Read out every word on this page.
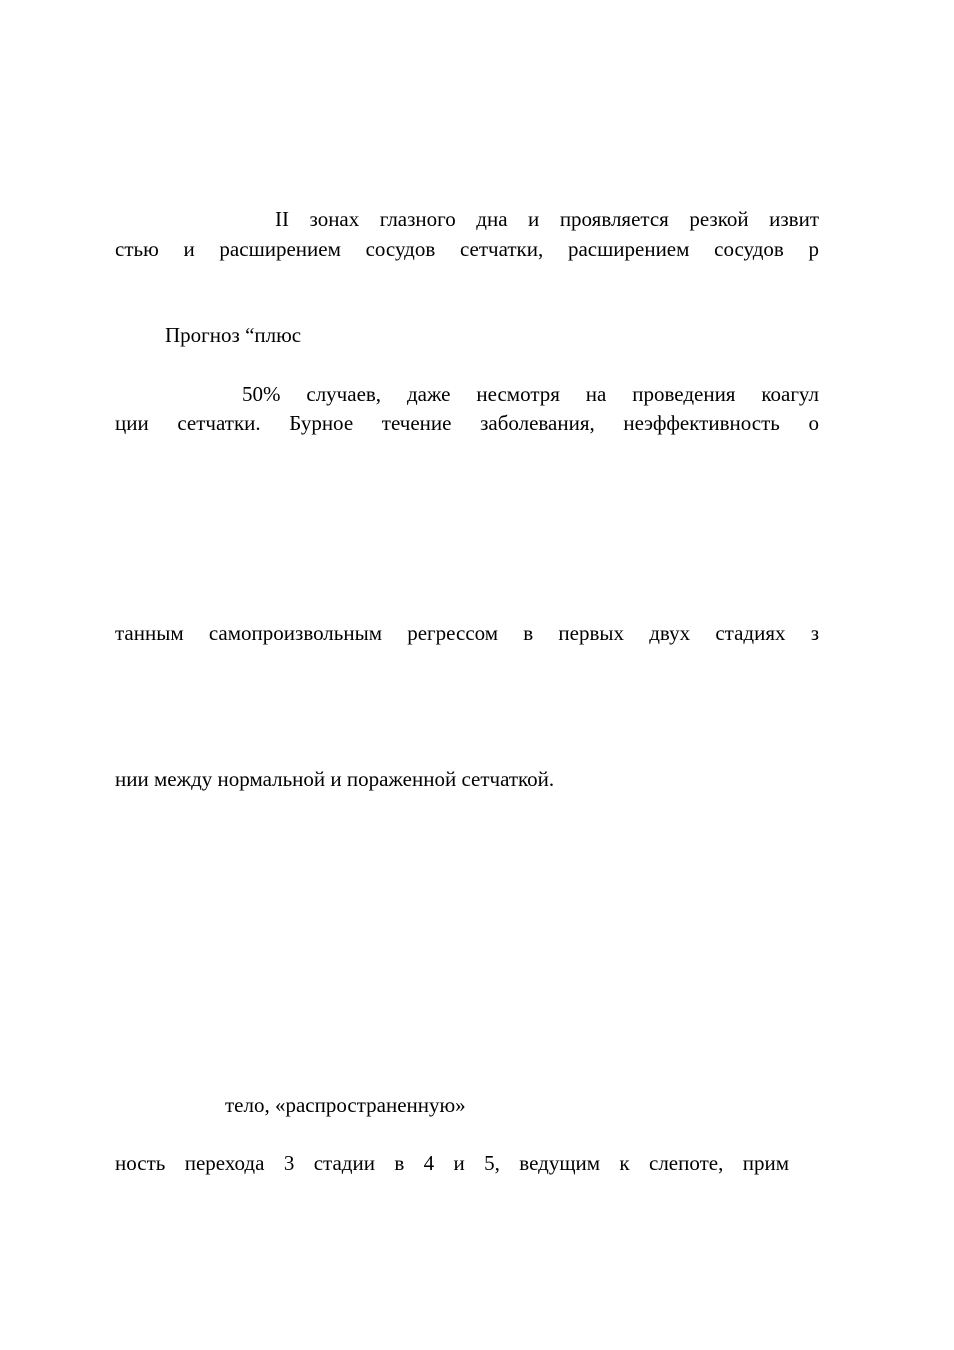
II зонах глазного дна и проявляется резкой извит
стью и расширением сосудов сетчатки, расширением сосудов р
Прогноз “плюс
50% случаев, даже несмотря на проведения коагул
ции сетчатки. Бурное течение заболевания, неэффективность о
танным самопроизвольным регрессом в первых двух стадиях з
нии между нормальной и пораженной сетчаткой.
тело, «распространенную»
ность перехода 3 стадии в 4 и 5, ведущим к слепоте, прим
